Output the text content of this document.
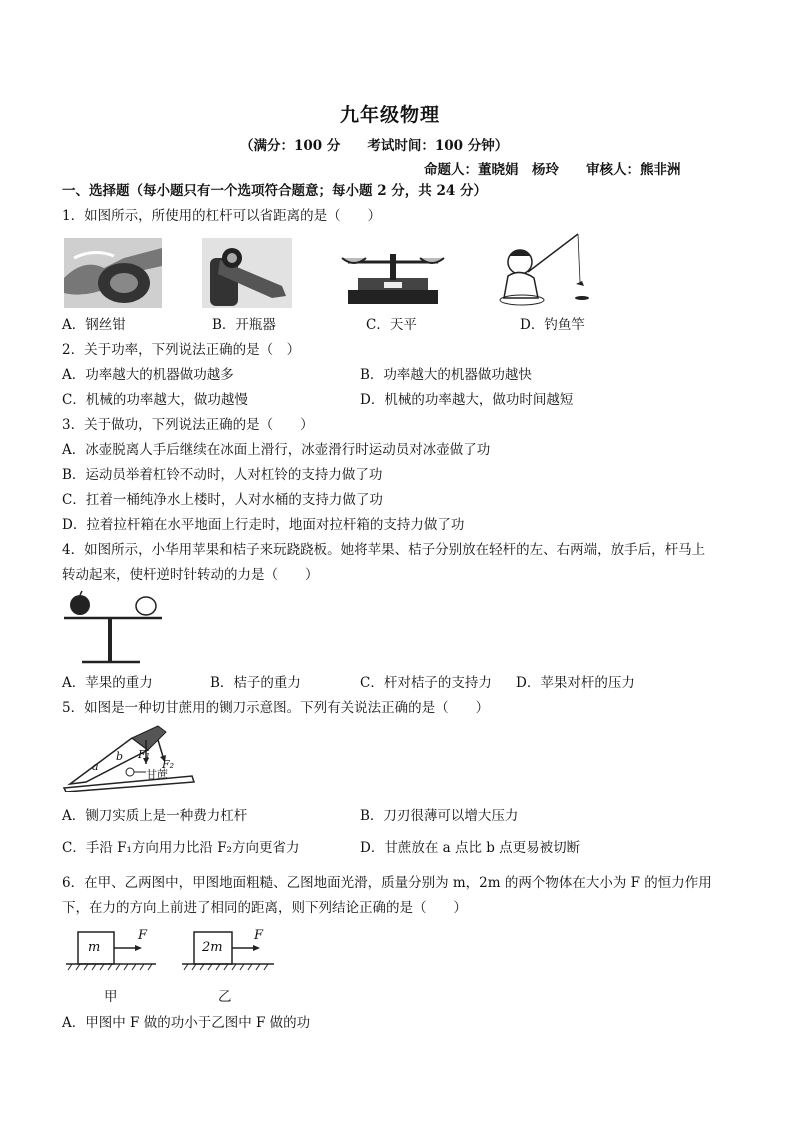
九年级物理
（满分：100 分　　考试时间：100 分钟）
命题人：董晓娟　杨玲　　审核人：熊非洲
一、选择题（每小题只有一个选项符合题意；每小题 2 分，共 24 分）
1．如图所示，所使用的杠杆可以省距离的是（　　）
A．钢丝钳	B．开瓶器	C．天平	D．钓鱼竿
2．关于功率，下列说法正确的是（　）
A．功率越大的机器做功越多	B．功率越大的机器做功越快
C．机械的功率越大，做功越慢	D．机械的功率越大，做功时间越短
3．关于做功，下列说法正确的是（　　）
A．冰壶脱离人手后继续在冰面上滑行，冰壶滑行时运动员对冰壶做了功
B．运动员举着杠铃不动时，人对杠铃的支持力做了功
C．扛着一桶纯净水上楼时，人对水桶的支持力做了功
D．拉着拉杆箱在水平地面上行走时，地面对拉杆箱的支持力做了功
4．如图所示，小华用苹果和桔子来玩跷跷板。她将苹果、桔子分别放在轻杆的左、右两端，放手后，杆马上
转动起来，使杆逆时针转动的力是（　　）
A．苹果的重力	B．桔子的重力	C．杆对桔子的支持力 D．苹果对杆的压力
5．如图是一种切甘蔗用的铡刀示意图。下列有关说法正确的是（　　）
a
b F₁
F₂
甘蔗
A．铡刀实质上是一种费力杠杆	B．刀刃很薄可以增大压力
C．手沿 F₁方向用力比沿 F₂方向更省力	D．甘蔗放在 a 点比 b 点更易被切断
6．在甲、乙两图中，甲图地面粗糙、乙图地面光滑，质量分别为 m，2m 的两个物体在大小为 F 的恒力作用
下，在力的方向上前进了相同的距离，则下列结论正确的是（　　）
m
F
2m
F
甲	乙
A．甲图中 F 做的功小于乙图中 F 做的功
